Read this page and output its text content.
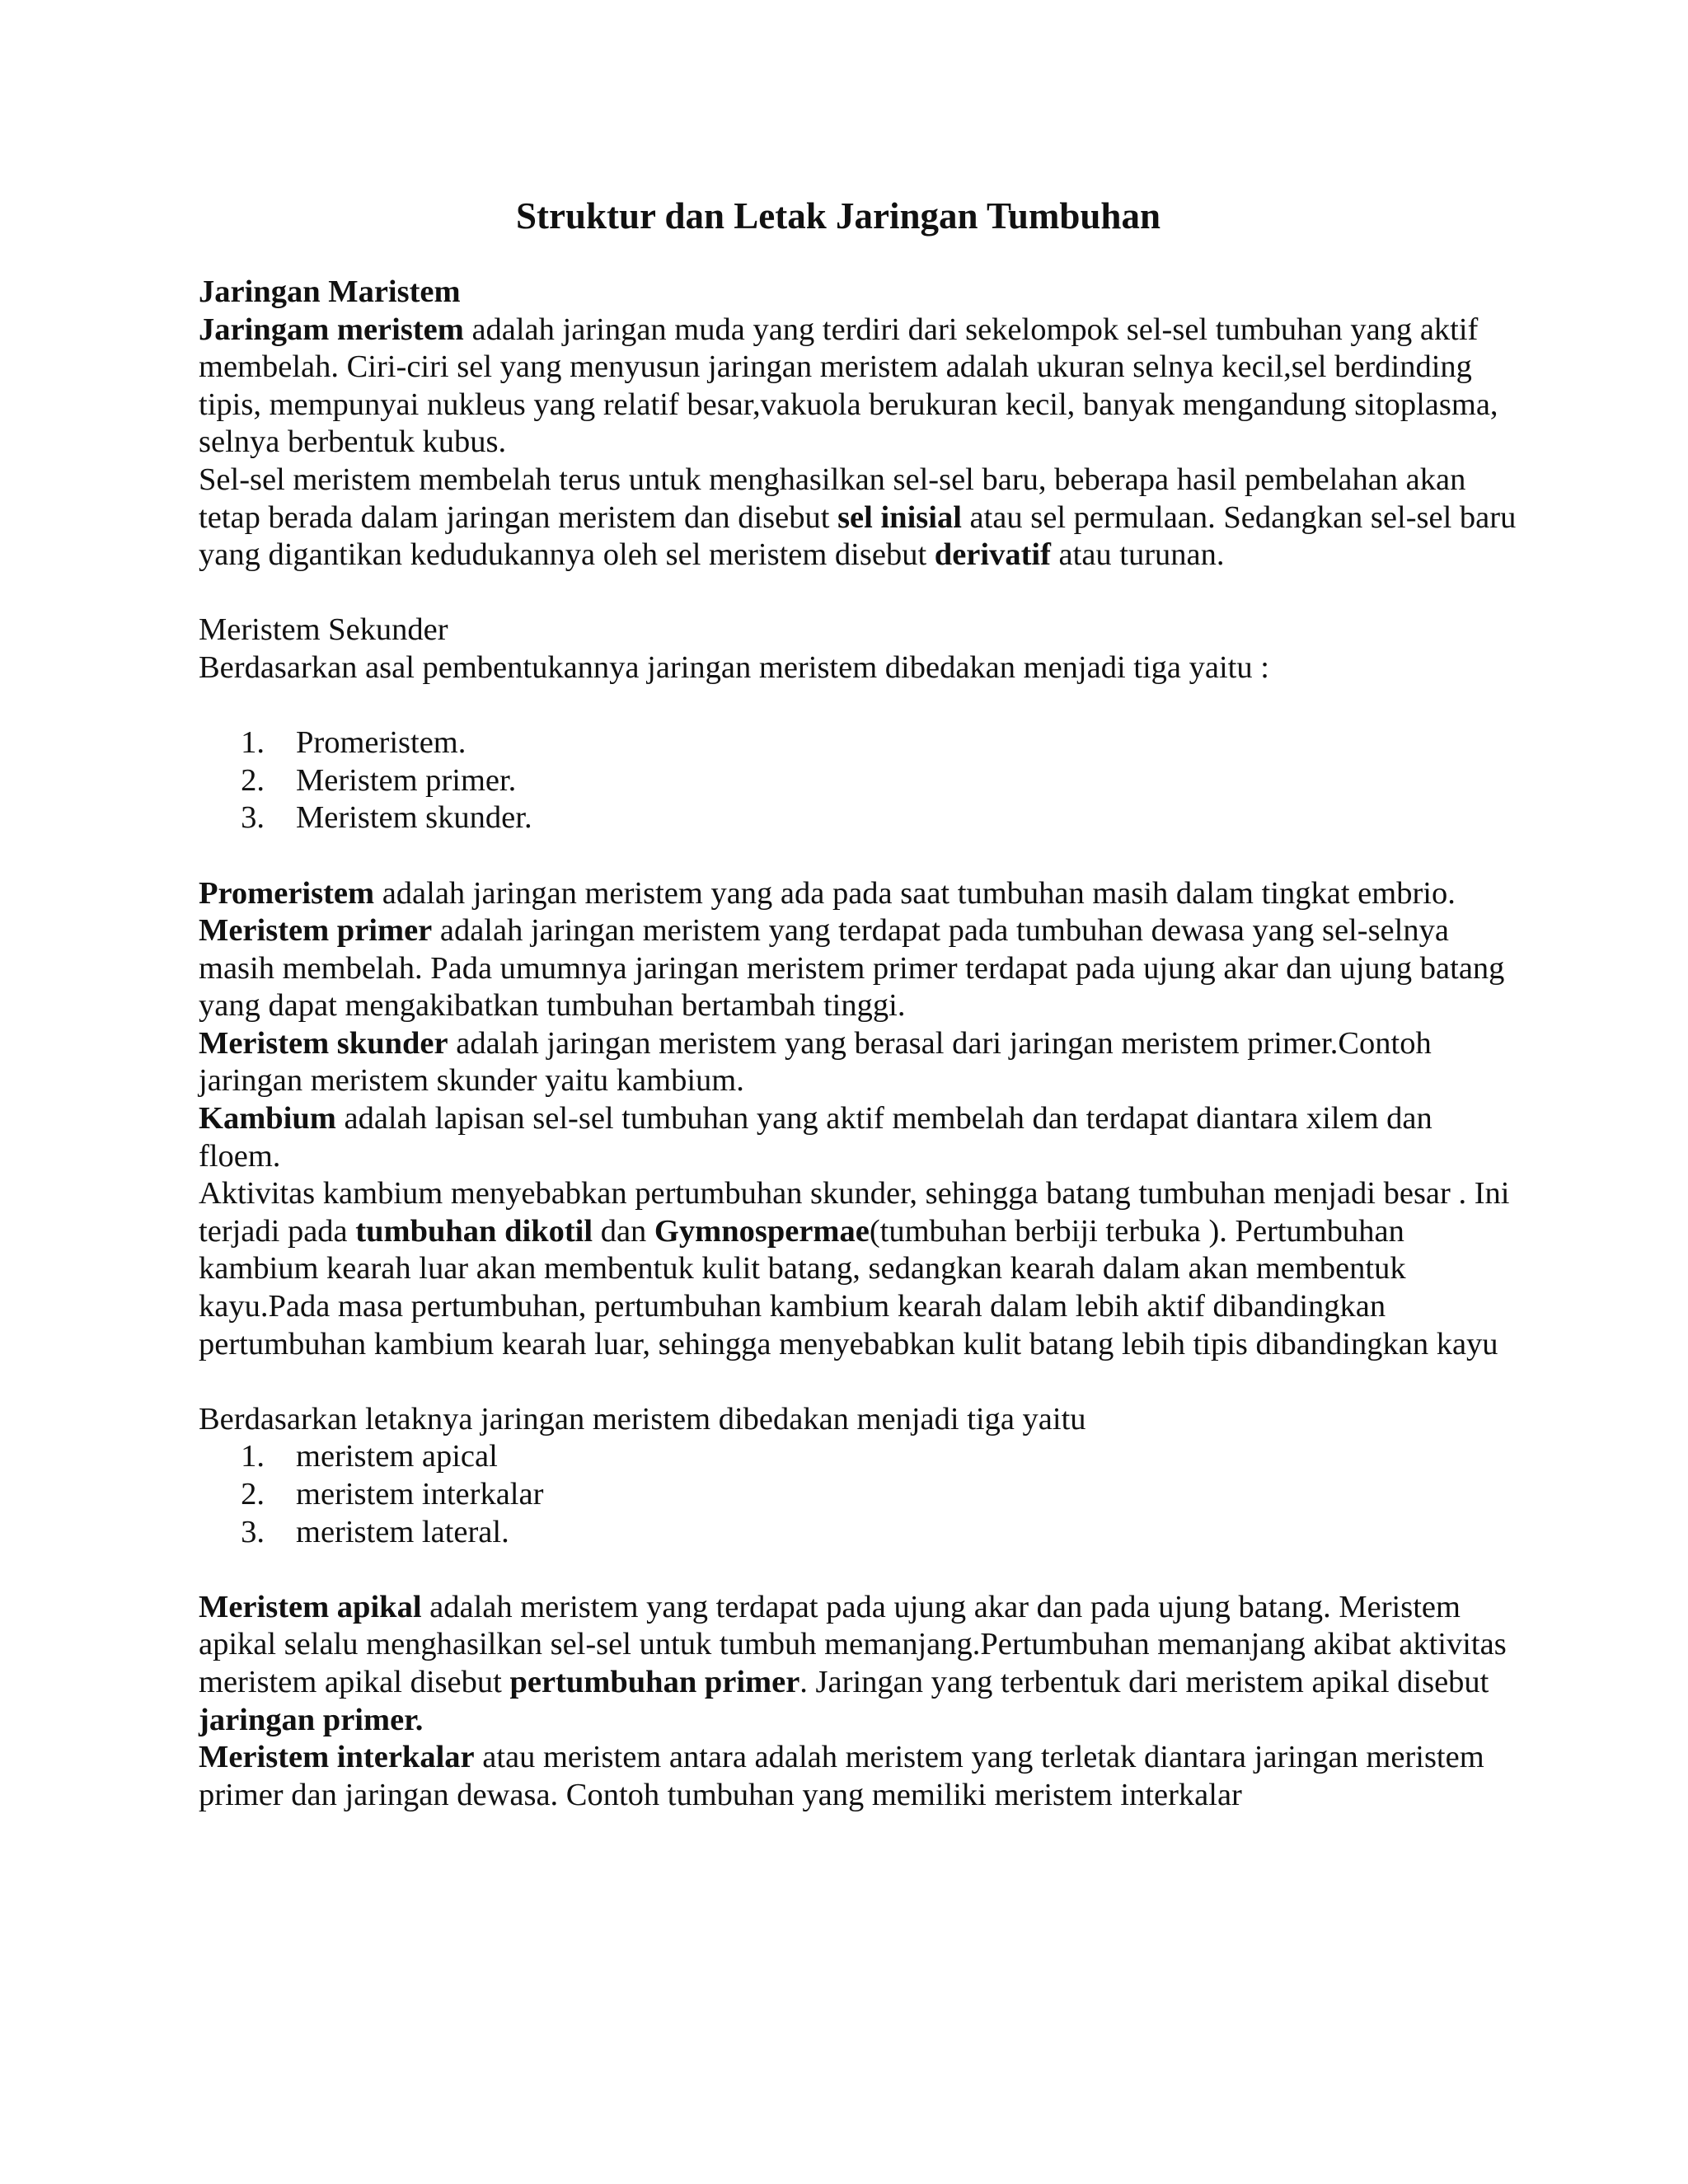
Struktur dan Letak Jaringan Tumbuhan

Jaringan Maristem

Jaringam meristem adalah jaringan muda yang terdiri dari sekelompok sel-sel tumbuhan yang aktif membelah. Ciri-ciri sel yang menyusun jaringan meristem adalah ukuran selnya kecil,sel berdinding tipis, mempunyai nukleus yang relatif besar,vakuola berukuran kecil, banyak mengandung sitoplasma, selnya berbentuk kubus.

Sel-sel meristem membelah terus untuk menghasilkan sel-sel baru, beberapa hasil pembelahan akan tetap berada dalam jaringan meristem dan disebut sel inisial atau sel permulaan. Sedangkan sel-sel baru yang digantikan kedudukannya oleh sel meristem disebut derivatif atau turunan.

Meristem Sekunder

Berdasarkan asal pembentukannya jaringan meristem dibedakan menjadi tiga yaitu :

1. Promeristem.
2. Meristem primer.
3. Meristem skunder.

Promeristem adalah jaringan meristem yang ada pada saat tumbuhan masih dalam tingkat embrio.

Meristem primer adalah jaringan meristem yang terdapat pada tumbuhan dewasa yang sel-selnya masih membelah. Pada umumnya jaringan meristem primer terdapat pada ujung akar dan ujung batang yang dapat mengakibatkan tumbuhan bertambah tinggi.

Meristem skunder adalah jaringan meristem yang berasal dari jaringan meristem primer.Contoh jaringan meristem skunder yaitu kambium.

Kambium adalah lapisan sel-sel tumbuhan yang aktif membelah dan terdapat diantara xilem dan floem.

Aktivitas kambium menyebabkan pertumbuhan skunder, sehingga batang tumbuhan menjadi besar . Ini terjadi pada tumbuhan dikotil dan Gymnospermae(tumbuhan berbiji terbuka ). Pertumbuhan kambium kearah luar akan membentuk kulit batang, sedangkan kearah dalam akan membentuk kayu.Pada masa pertumbuhan, pertumbuhan kambium kearah dalam lebih aktif dibandingkan pertumbuhan kambium kearah luar, sehingga menyebabkan kulit batang lebih tipis dibandingkan kayu

Berdasarkan letaknya jaringan meristem dibedakan menjadi tiga yaitu

1. meristem apical
2. meristem interkalar
3. meristem lateral.

Meristem apikal adalah meristem yang terdapat pada ujung akar dan pada ujung batang. Meristem apikal selalu menghasilkan sel-sel untuk tumbuh memanjang.Pertumbuhan memanjang akibat aktivitas meristem apikal disebut pertumbuhan primer. Jaringan yang terbentuk dari meristem apikal disebut jaringan primer.

Meristem interkalar atau meristem antara adalah meristem yang terletak diantara jaringan meristem primer dan jaringan dewasa. Contoh tumbuhan yang memiliki meristem interkalar
